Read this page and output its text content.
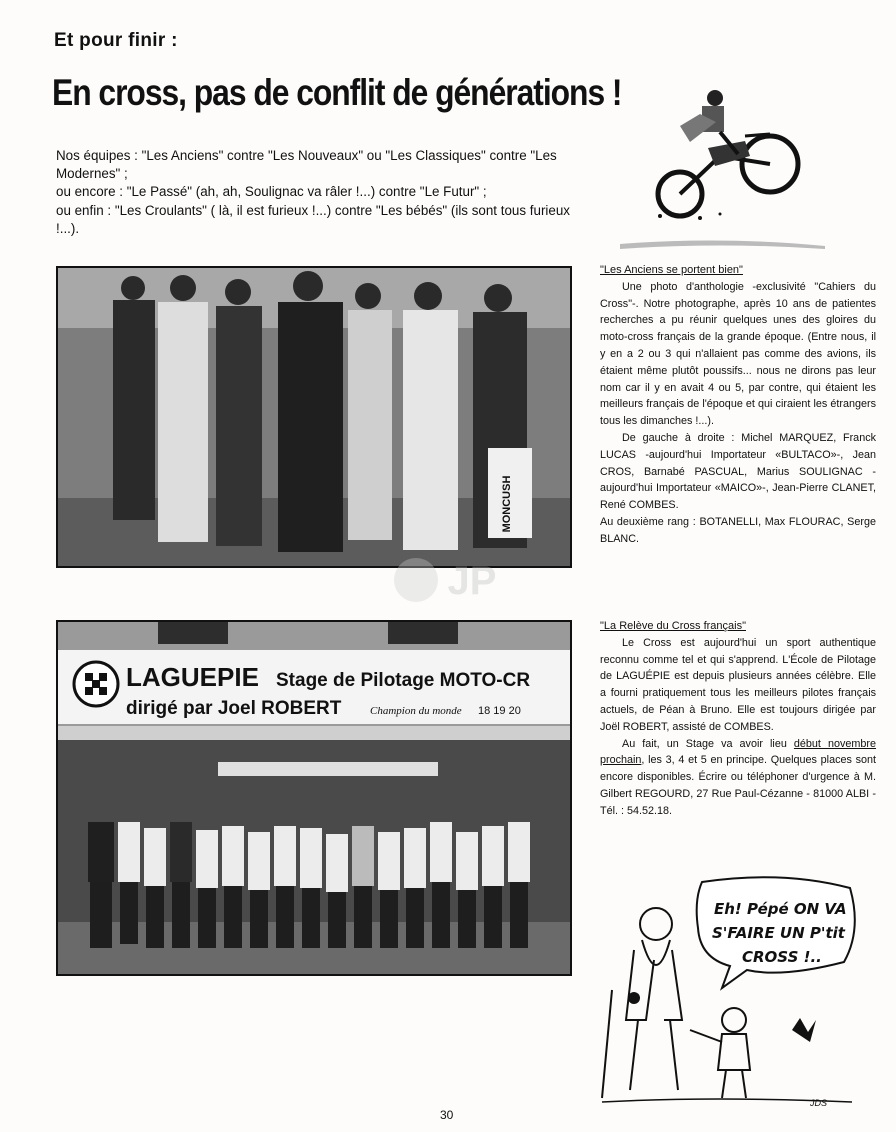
Et pour finir :
En cross, pas de conflit de générations !

Nos équipes : "Les Anciens" contre "Les Nouveaux" ou "Les Classiques" contre "Les Modernes" ;

ou encore : "Le Passé" (ah, ah, Soulignac va râler !...) contre "Le Futur" ;

ou enfin : "Les Croulants" ( là, il est furieux !...) contre "Les bébés" (ils sont tous furieux !...).

MONCUSH
LAGUEPIE Stage de Pilotage MOTO-CR
dirigé par Joel ROBERT	Champion du monde 18 19 20
JP

"Les Anciens se portent bien"

Une photo d'anthologie -exclusivité "Cahiers du Cross"-. Notre photographe, après 10 ans de patientes recherches a pu réunir quelques unes des gloires du moto-cross français de la grande époque. (Entre nous, il y en a 2 ou 3 qui n'allaient pas comme des avions, ils étaient même plutôt poussifs... nous ne dirons pas leur nom car il y en avait 4 ou 5, par contre, qui étaient les meilleurs français de l'époque et qui ciraient les étrangers tous les dimanches !...).

De gauche à droite : Michel MARQUEZ, Franck LUCAS -aujourd'hui Importateur «BULTACO»-, Jean CROS, Barnabé PASCUAL, Marius SOULIGNAC -aujourd'hui Importateur «MAICO»-, Jean-Pierre CLANET, René COMBES.

Au deuxième rang : BOTANELLI, Max FLOURAC, Serge BLANC.

"La Relève du Cross français"

Le Cross est aujourd'hui un sport authentique reconnu comme tel et qui s'apprend. L'École de Pilotage de LAGUÉPIE est depuis plusieurs années célèbre. Elle a fourni pratiquement tous les meilleurs pilotes français actuels, de Péan à Bruno. Elle est toujours dirigée par Joël ROBERT, assisté de COMBES.

Au fait, un Stage va avoir lieu début novembre prochain, les 3, 4 et 5 en principe. Quelques places sont encore disponibles. Écrire ou téléphoner d'urgence à M. Gilbert REGOURD, 27 Rue Paul-Cézanne - 81000 ALBI - Tél. : 54.52.18.

Eh! Pépé ON VA
S'FAIRE UN P'tit
CROSS !..
JDS
30
